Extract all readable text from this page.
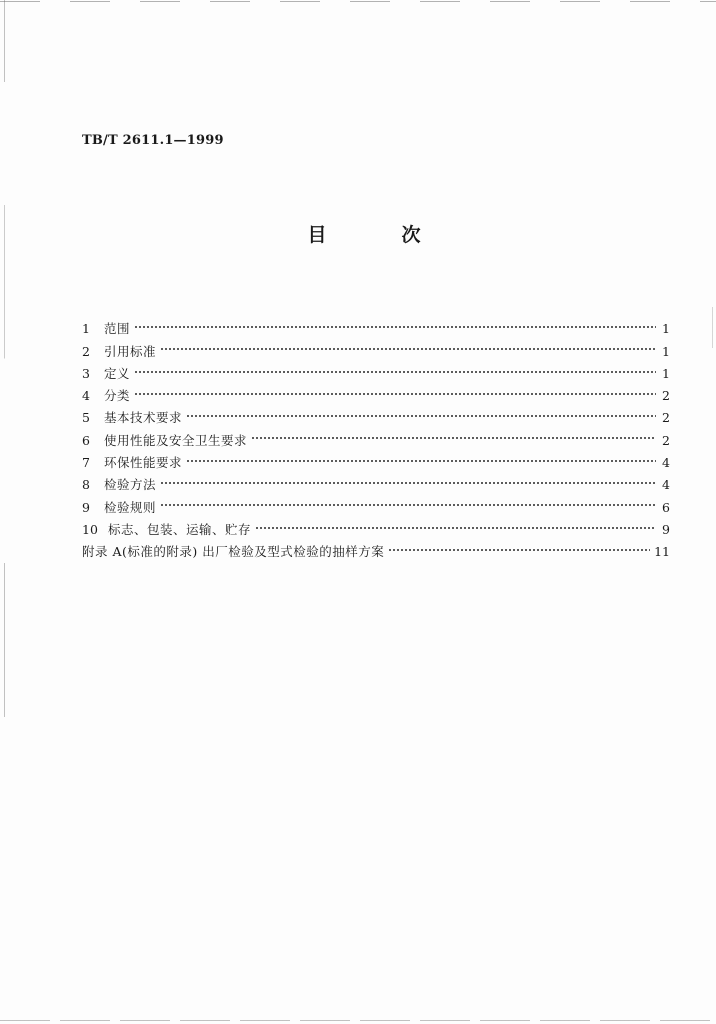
TB/T 2611.1—1999
目　次
1	范围	1
2	引用标准	1
3	定义	1
4	分类	2
5	基本技术要求	2
6	使用性能及安全卫生要求	2
7	环保性能要求	4
8	检验方法	4
9	检验规则	6
10 标志、包装、运输、贮存	9
附录 A(标准的附录) 出厂检验及型式检验的抽样方案	11
